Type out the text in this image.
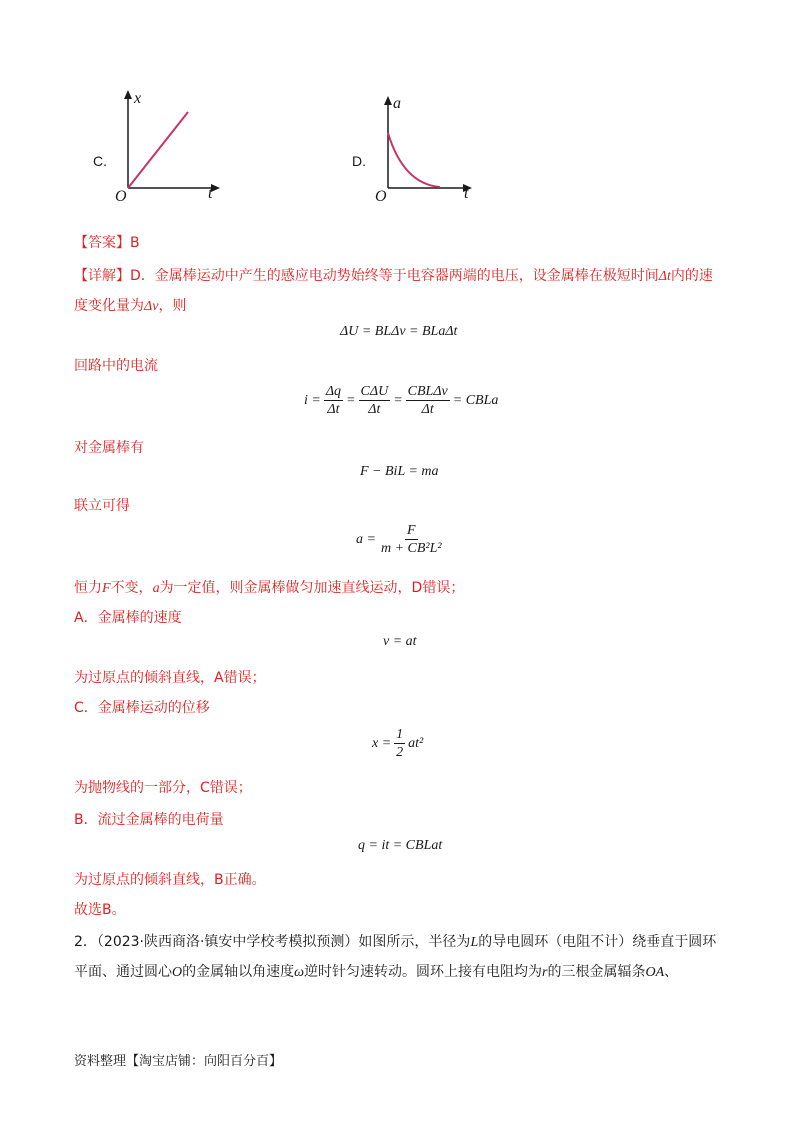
C.
x
t
O
D.
a
t
O
【答案】B
【详解】D．金属棒运动中产生的感应电动势始终等于电容器两端的电压，设金属棒在极短时间Δt内的速
度变化量为Δv，则
ΔU = BLΔv = BLaΔt
回路中的电流
$i = \frac{\Delta q}{\Delta t} = \frac{\text{CΔU}}{\Delta t} = \frac{\text{CBLΔv}}{\Delta t}$ = CBLa
对金属棒有
F − BiL = ma
联立可得
$a = \frac{F}{\text{m + CB²L²}}$
恒力F不变，a为一定值，则金属棒做匀加速直线运动，D错误；
A．金属棒的速度
v = at
为过原点的倾斜直线，A错误；
C．金属棒运动的位移
$x = \frac{1}{2} at^2$
为抛物线的一部分，C错误；
B．流过金属棒的电荷量
q = it = CBLat
为过原点的倾斜直线，B正确。
故选B。
2．（2023·陕西商洛·镇安中学校考模拟预测）如图所示，半径为L的导电圆环（电阻不计）绕垂直于圆环
平面、通过圆心O的金属轴以角速度ω逆时针匀速转动。圆环上接有电阻均为r的三根金属辐条OA、
资料整理【淘宝店铺：向阳百分百】
